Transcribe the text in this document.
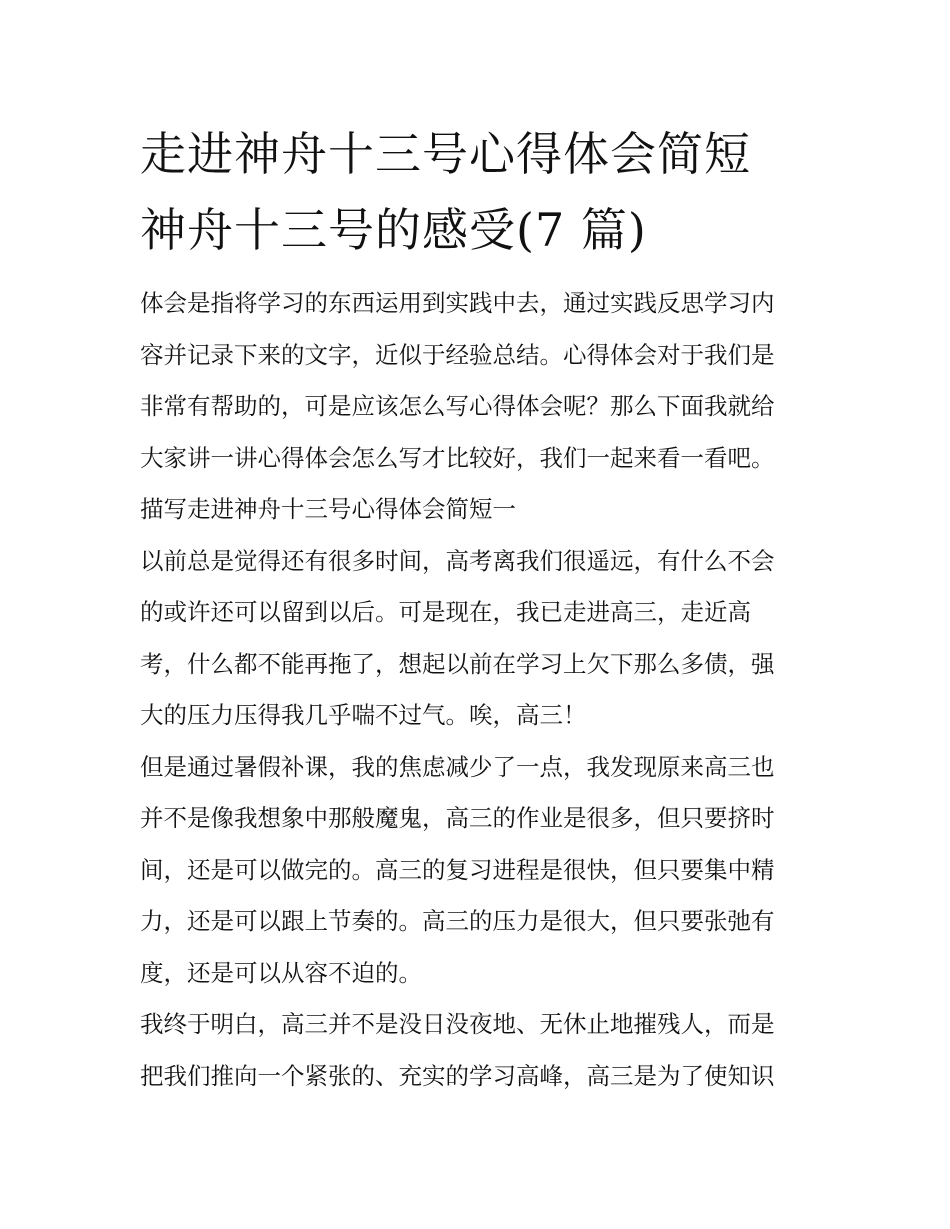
走进神舟十三号心得体会简短
神舟十三号的感受(7 篇)
体会是指将学习的东西运用到实践中去，通过实践反思学习内
容并记录下来的文字，近似于经验总结。心得体会对于我们是
非常有帮助的，可是应该怎么写心得体会呢？那么下面我就给
大家讲一讲心得体会怎么写才比较好，我们一起来看一看吧。
描写走进神舟十三号心得体会简短一
以前总是觉得还有很多时间，高考离我们很遥远，有什么不会
的或许还可以留到以后。可是现在，我已走进高三，走近高
考，什么都不能再拖了，想起以前在学习上欠下那么多债，强
大的压力压得我几乎喘不过气。唉，高三！
但是通过暑假补课，我的焦虑减少了一点，我发现原来高三也
并不是像我想象中那般魔鬼，高三的作业是很多，但只要挤时
间，还是可以做完的。高三的复习进程是很快，但只要集中精
力，还是可以跟上节奏的。高三的压力是很大，但只要张弛有
度，还是可以从容不迫的。
我终于明白，高三并不是没日没夜地、无休止地摧残人，而是
把我们推向一个紧张的、充实的学习高峰，高三是为了使知识
